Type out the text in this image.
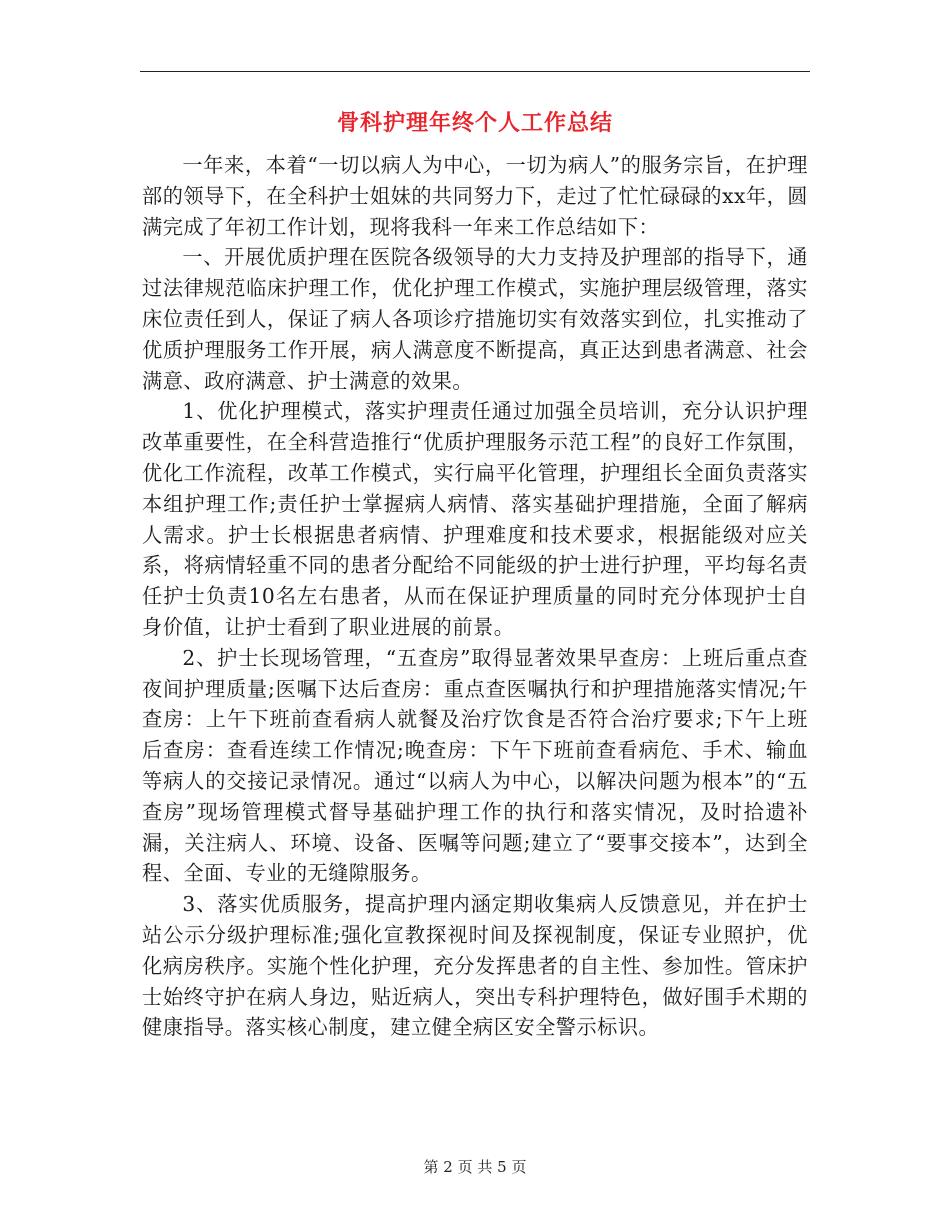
骨科护理年终个人工作总结

一年来，本着“一切以病人为中心，一切为病人”的服务宗旨，在护理部的领导下，在全科护士姐妹的共同努力下，走过了忙忙碌碌的xx年，圆满完成了年初工作计划，现将我科一年来工作总结如下：

一、开展优质护理在医院各级领导的大力支持及护理部的指导下，通过法律规范临床护理工作，优化护理工作模式，实施护理层级管理，落实床位责任到人，保证了病人各项诊疗措施切实有效落实到位，扎实推动了优质护理服务工作开展，病人满意度不断提高，真正达到患者满意、社会满意、政府满意、护士满意的效果。

1、优化护理模式，落实护理责任通过加强全员培训，充分认识护理改革重要性，在全科营造推行“优质护理服务示范工程”的良好工作氛围，优化工作流程，改革工作模式，实行扁平化管理，护理组长全面负责落实本组护理工作;责任护士掌握病人病情、落实基础护理措施，全面了解病人需求。护士长根据患者病情、护理难度和技术要求，根据能级对应关系，将病情轻重不同的患者分配给不同能级的护士进行护理，平均每名责任护士负责10名左右患者，从而在保证护理质量的同时充分体现护士自身价值，让护士看到了职业进展的前景。

2、护士长现场管理，“五查房”取得显著效果早查房：上班后重点查夜间护理质量;医嘱下达后查房：重点查医嘱执行和护理措施落实情况;午查房：上午下班前查看病人就餐及治疗饮食是否符合治疗要求;下午上班后查房：查看连续工作情况;晚查房：下午下班前查看病危、手术、输血等病人的交接记录情况。通过“以病人为中心，以解决问题为根本”的“五查房”现场管理模式督导基础护理工作的执行和落实情况，及时拾遗补漏，关注病人、环境、设备、医嘱等问题;建立了“要事交接本”，达到全程、全面、专业的无缝隙服务。

3、落实优质服务，提高护理内涵定期收集病人反馈意见，并在护士站公示分级护理标准;强化宣教探视时间及探视制度，保证专业照护，优化病房秩序。实施个性化护理，充分发挥患者的自主性、参加性。管床护士始终守护在病人身边，贴近病人，突出专科护理特色，做好围手术期的健康指导。落实核心制度，建立健全病区安全警示标识。

第 2 页 共 5 页
